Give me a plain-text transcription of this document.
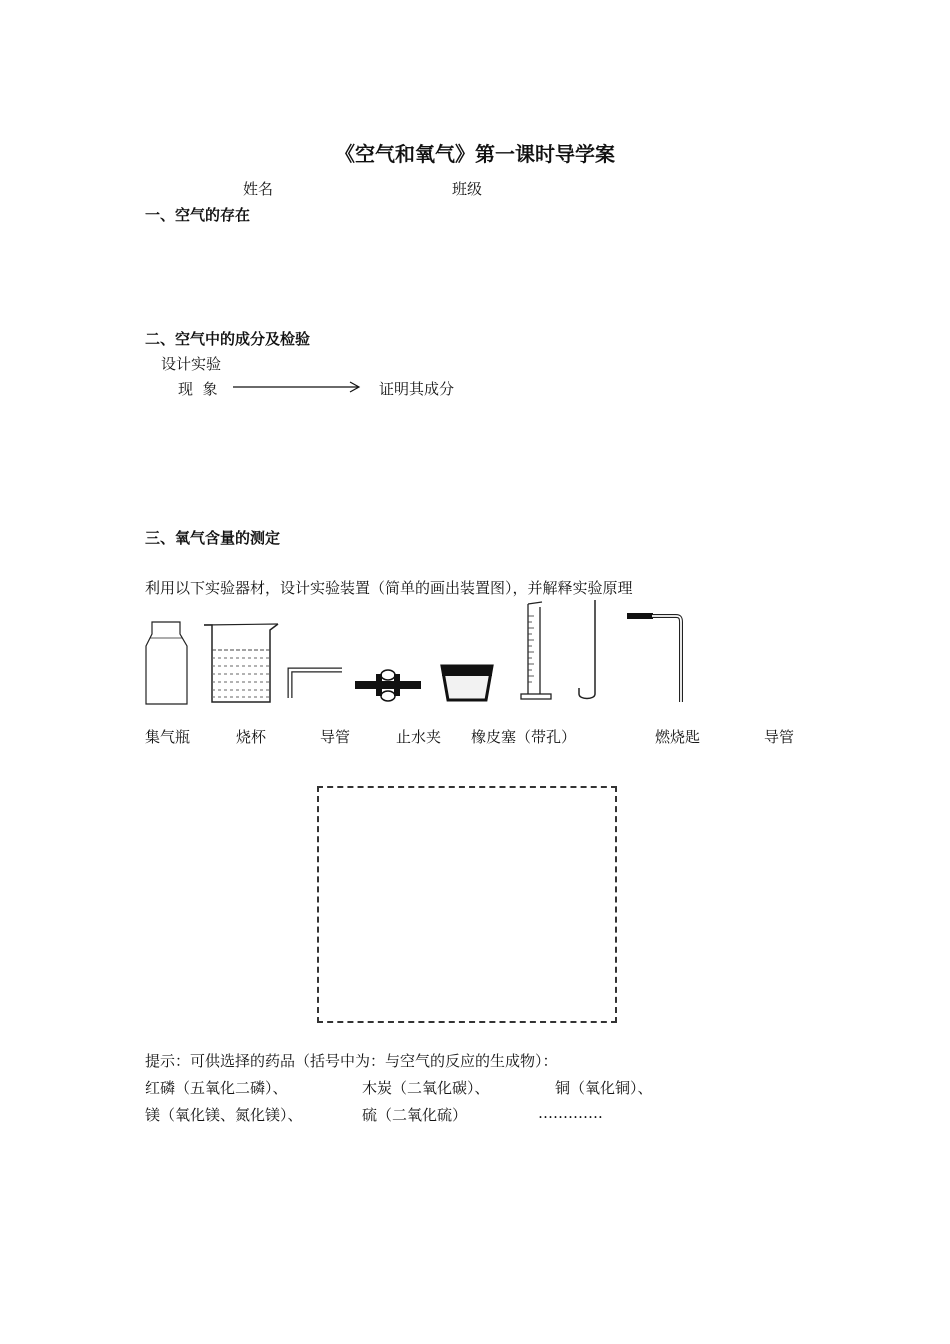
《空气和氧气》第一课时导学案
姓名	班级
一、空气的存在
二、空气中的成分及检验
设计实验
现  象	证明其成分
三、氧气含量的测定
利用以下实验器材，设计实验装置（简单的画出装置图），并解释实验原理
集气瓶	烧杯	导管	止水夹 橡皮塞（带孔）	燃烧匙	导管
提示：可供选择的药品（括号中为：与空气的反应的生成物）：
红磷（五氧化二磷）、	木炭（二氧化碳）、	铜（氧化铜）、
镁（氧化镁、氮化镁）、	硫（二氧化硫）	………….
